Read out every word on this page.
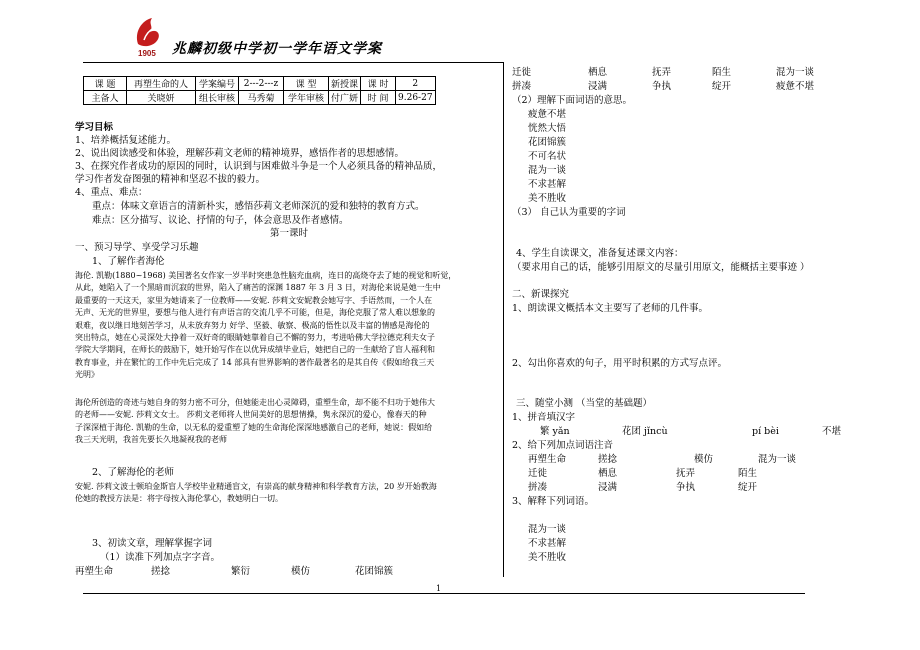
1905 兆麟初级中学初一学年语文学案
课 题	再塑生命的人	学案编号	2---2---z	课 型	新授课	课 时	2
主备人	关晓妍	组长审核	马秀菊	学年审核	付广妍	时 间	9.26-27
学习目标
1、培养概括复述能力。
2、说出阅读感受和体验，理解莎莉文老师的精神境界，感悟作者的思想感情。
3、在探究作者成功的原因的同时，认识到与困难做斗争是一个人必须具备的精神品质，
学习作者发奋图强的精神和坚忍不拔的毅力。
4、重点、难点：
重点：体味文章语言的清新朴实，感悟莎莉文老师深沉的爱和独特的教育方式。
难点：区分描写、议论、抒情的句子，体会意思及作者感情。
第一课时
一、预习导学、享受学习乐趣
1、了解作者海伦
海伦. 凯勒(1880~1968) 美国著名女作家一岁半时突患急性脑充血病，连日的高烧夺去了她的视觉和听觉，
从此，她陷入了一个黑暗而沉寂的世界，陷入了痛苦的深渊 1887 年 3 月 3 日，对海伦来说是她一生中
最重要的一天这天，家里为她请来了一位教师——安妮. 莎莉文安妮教会她写字、手语然而，一个人在
无声、无光的世界里，要想与他人进行有声语言的交流几乎不可能，但是，海伦克服了常人难以想象的
艰难，夜以继日地刻苦学习，从未放弃努力 好学、坚毅、敏察、极高的悟性以及丰富的情感是海伦的
突出特点，她在心灵深处大挣着一双好奇的眼睛她靠着自己不懈的努力，考进哈佛大学拉德克利夫女子
学院大学期间，在师长的鼓励下，她开始写作在以优异成绩毕业后，她把自己的一生献给了盲人福利和
教育事业，并在繁忙的工作中先后完成了 14 部具有世界影响的著作最著名的是其自传《假如给我三天
光明》
海伦所创造的奇迹与她自身的努力密不可分，但她能走出心灵障碍，重塑生命，却不能不归功于她伟大
的老师——安妮. 莎莉文女士。 莎莉文老师将人世间美好的思想情操，隽永深沉的爱心，像春天的种
子深深植于海伦. 凯勒的生命，以无私的爱重塑了她的生命海伦深深地感激自己的老师，她说：假如给
我三天光明，我首先要长久地凝视我的老师
2、了解海伦的老师
安妮. 莎莉文波士顿珀金斯盲人学校毕业精通盲文，有崇高的献身精神和科学教育方法，20 岁开始教海
伦她的教授方法是：将字母按入海伦掌心，教她明白一切。
3、初读文章，理解掌握字词
（1）读准下列加点字字音。
再塑生命	搓捻	繁衍	模仿	花团锦簇
迁徙	栖息	抚弄	陌生	混为一谈
拼凑	浸满	争执	绽开	疲惫不堪
（2）理解下面词语的意思。
疲惫不堪
恍然大悟
花团锦簇
不可名状
混为一谈
不求甚解
美不胜收
（3） 自己认为重要的字词
4、学生自读课文，准备复述课文内容：
（要求用自己的话，能够引用原文的尽量引用原文，能概括主要事迹 ）
二、新课探究
1、朗读课文概括本文主要写了老师的几件事。
2、勾出你喜欢的句子，用平时积累的方式写点评。
三、随堂小测 （当堂的基础题）
1、拼音填汉字
繁 yǎn	花团 jǐncù	pí bèi	不堪
2、给下列加点词语注音
再塑生命	搓捻	模仿	混为一谈
迁徙	栖息	抚弄	陌生
拼凑	浸满	争执	绽开
3、解释下列词语。
混为一谈
不求甚解
美不胜收
1
